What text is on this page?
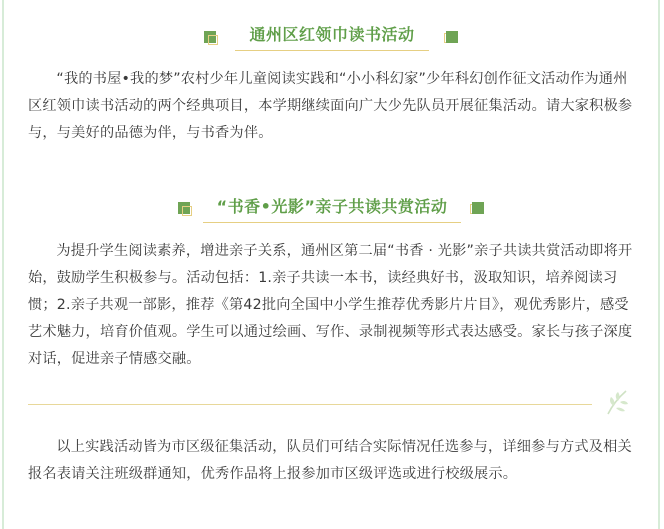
通州区红领巾读书活动

“我的书屋•我的梦”农村少年儿童阅读实践和“小小科幻家”少年科幻创作征文活动作为通州区红领巾读书活动的两个经典项目，本学期继续面向广大少先队员开展征集活动。请大家积极参与，与美好的品德为伴，与书香为伴。

“书香•光影”亲子共读共赏活动

为提升学生阅读素养，增进亲子关系，通州区第二届“书香 · 光影”亲子共读共赏活动即将开始，鼓励学生积极参与。活动包括：1.亲子共读一本书，读经典好书，汲取知识，培养阅读习惯；2.亲子共观一部影，推荐《第42批向全国中小学生推荐优秀影片片目》，观优秀影片，感受艺术魅力，培育价值观。学生可以通过绘画、写作、录制视频等形式表达感受。家长与孩子深度对话，促进亲子情感交融。

以上实践活动皆为市区级征集活动，队员们可结合实际情况任选参与，详细参与方式及相关报名表请关注班级群通知，优秀作品将上报参加市区级评选或进行校级展示。
